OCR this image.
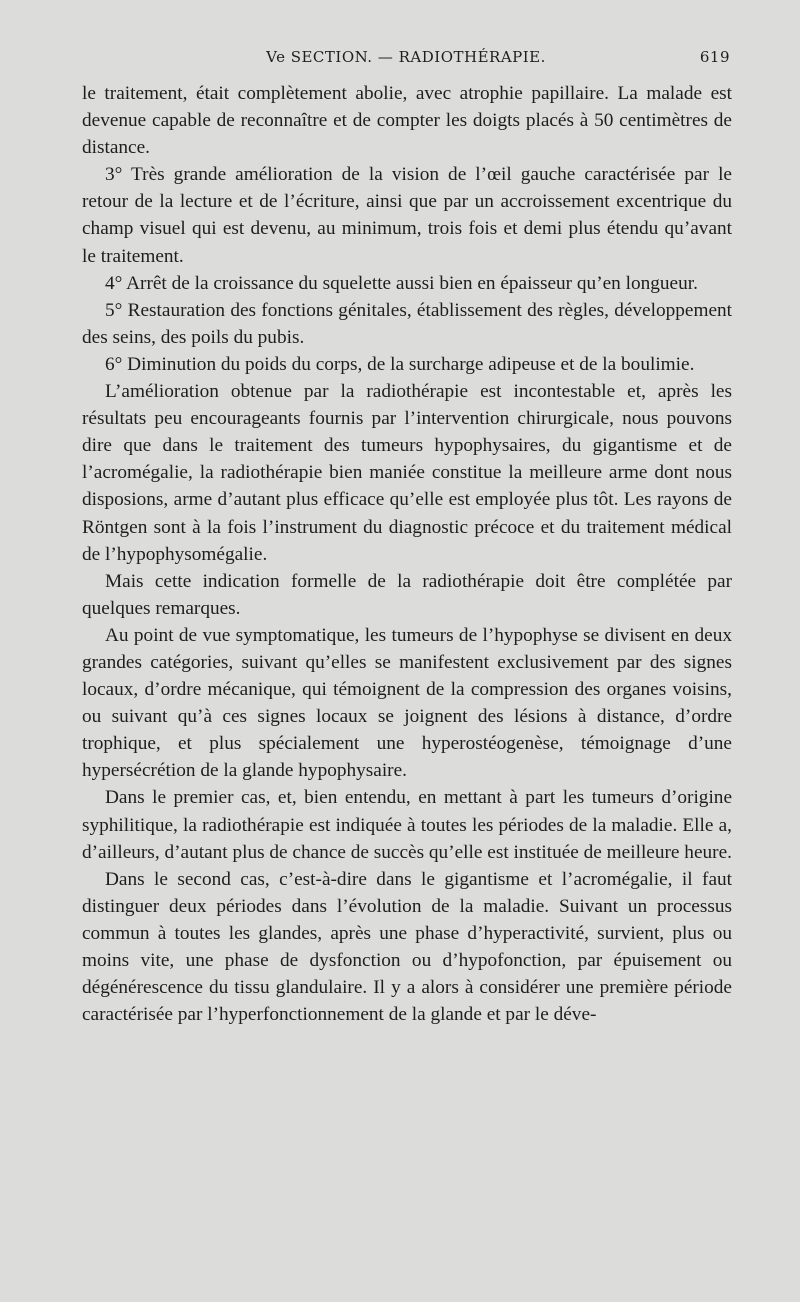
Ve SECTION. — RADIOTHÉRAPIE.	619

le traitement, était complètement abolie, avec atrophie papillaire. La malade est devenue capable de reconnaître et de compter les doigts placés à 50 centimètres de distance.

3° Très grande amélioration de la vision de l’œil gauche caractérisée par le retour de la lecture et de l’écriture, ainsi que par un accroissement excentrique du champ visuel qui est devenu, au minimum, trois fois et demi plus étendu qu’avant le traitement.

4° Arrêt de la croissance du squelette aussi bien en épaisseur qu’en longueur.

5° Restauration des fonctions génitales, établissement des règles, développement des seins, des poils du pubis.

6° Diminution du poids du corps, de la surcharge adipeuse et de la boulimie.

L’amélioration obtenue par la radiothérapie est incontestable et, après les résultats peu encourageants fournis par l’intervention chirurgicale, nous pouvons dire que dans le traitement des tumeurs hypophysaires, du gigantisme et de l’acromégalie, la radiothérapie bien maniée constitue la meilleure arme dont nous disposions, arme d’autant plus efficace qu’elle est employée plus tôt. Les rayons de Röntgen sont à la fois l’instrument du diagnostic précoce et du traitement médical de l’hypophysomégalie.

Mais cette indication formelle de la radiothérapie doit être complétée par quelques remarques.

Au point de vue symptomatique, les tumeurs de l’hypophyse se divisent en deux grandes catégories, suivant qu’elles se manifestent exclusivement par des signes locaux, d’ordre mécanique, qui témoignent de la compression des organes voisins, ou suivant qu’à ces signes locaux se joignent des lésions à distance, d’ordre trophique, et plus spécialement une hyperostéogenèse, témoignage d’une hypersécrétion de la glande hypophysaire.

Dans le premier cas, et, bien entendu, en mettant à part les tumeurs d’origine syphilitique, la radiothérapie est indiquée à toutes les périodes de la maladie. Elle a, d’ailleurs, d’autant plus de chance de succès qu’elle est instituée de meilleure heure.

Dans le second cas, c’est-à-dire dans le gigantisme et l’acromégalie, il faut distinguer deux périodes dans l’évolution de la maladie. Suivant un processus commun à toutes les glandes, après une phase d’hyperactivité, survient, plus ou moins vite, une phase de dysfonction ou d’hypofonction, par épuisement ou dégénérescence du tissu glandulaire. Il y a alors à considérer une première période caractérisée par l’hyperfonctionnement de la glande et par le déve-
